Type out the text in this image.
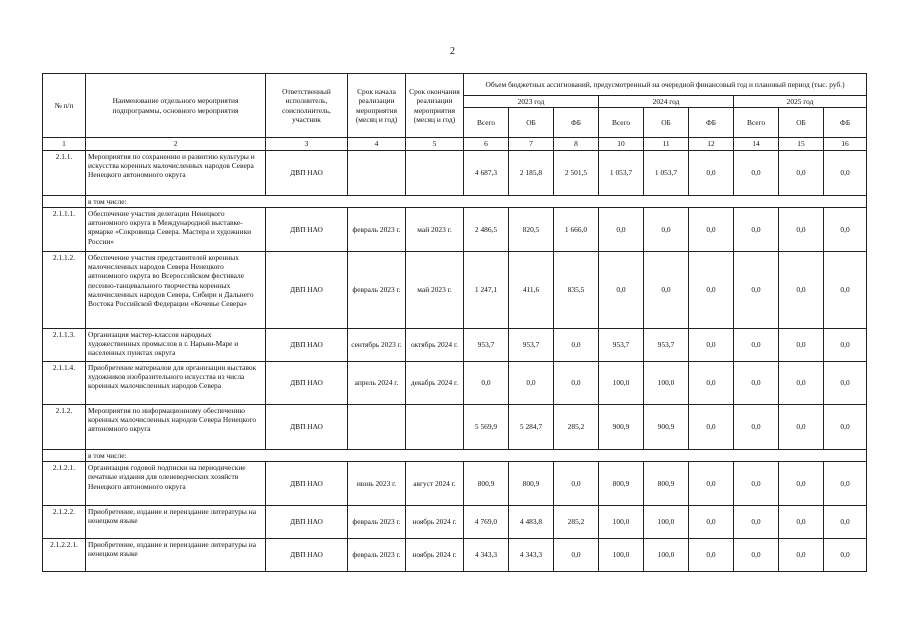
2
№ п/п	Наименование отдельного мероприятия подпрограммы, основного мероприятия	Ответственный исполнитель, соисполнитель, участник	Срок начала реализации мероприятия (месяц и год)	Срок окончания реализации мероприятия (месяц и год)	Объем бюджетных ассигнований, предусмотренный на очередной финансовый год и плановый период (тыс. руб.)								
					2023 год			2024 год			2025 год		
					Всего	ОБ	ФБ	Всего	ОБ	ФБ	Всего	ОБ	ФБ
1	2	3	4	5	6	7	8	10	11	12	14	15	16
2.1.1.	Мероприятия по сохранению и развитию культуры и искусства коренных малочисленных народов Севера Ненецкого автономного округа	ДВП НАО			4 687,3	2 185,8	2 501,5	1 053,7	1 053,7	0,0	0,0	0,0	0,0
	в том числе:												
2.1.1.1.	Обеспечение участия делегации Ненецкого автономного округа в Международной выставке-ярмарке «Сокровища Севера. Мастера и художники России»	ДВП НАО	февраль 2023 г.	май 2023 г.	2 486,5	820,5	1 666,0	0,0	0,0	0,0	0,0	0,0	0,0
2.1.1.2.	Обеспечение участия представителей коренных малочисленных народов Севера Ненецкого автономного округа во Всероссийском фестивале песенно-танцевального творчества коренных малочисленных народов Севера, Сибири и Дальнего Востока Российской Федерации «Кочевье Севера»	ДВП НАО	февраль 2023 г.	май 2023 г.	1 247,1	411,6	835,5	0,0	0,0	0,0	0,0	0,0	0,0
2.1.1.3.	Организация мастер-классов народных художественных промыслов в г. Нарьян-Маре и населенных пунктах округа	ДВП НАО	сентябрь 2023 г.	октябрь 2024 г.	953,7	953,7	0,0	953,7	953,7	0,0	0,0	0,0	0,0
2.1.1.4.	Приобретение материалов для организации выставок художников изобразительного искусства из числа коренных малочисленных народов Севера	ДВП НАО	апрель 2024 г.	декабрь 2024 г.	0,0	0,0	0,0	100,0	100,0	0,0	0,0	0,0	0,0
2.1.2.	Мероприятия по информационному обеспечению коренных малочисленных народов Севера Ненецкого автономного округа	ДВП НАО			5 569,9	5 284,7	285,2	900,9	900,9	0,0	0,0	0,0	0,0
	в том числе:												
2.1.2.1.	Организация годовой подписки на периодические печатные издания для оленеводческих хозяйств Ненецкого автономного округа	ДВП НАО	июнь 2023 г.	август 2024 г.	800,9	800,9	0,0	800,9	800,9	0,0	0,0	0,0	0,0
2.1.2.2.	Приобретение, издание и переиздание литературы на ненецком языке	ДВП НАО	февраль 2023 г.	ноябрь 2024 г.	4 769,0	4 483,8	285,2	100,0	100,0	0,0	0,0	0,0	0,0
2.1.2.2.1.	Приобретение, издание и переиздание литературы на ненецком языке	ДВП НАО	февраль 2023 г.	ноябрь 2024 г.	4 343,3	4 343,3	0,0	100,0	100,0	0,0	0,0	0,0	0,0
